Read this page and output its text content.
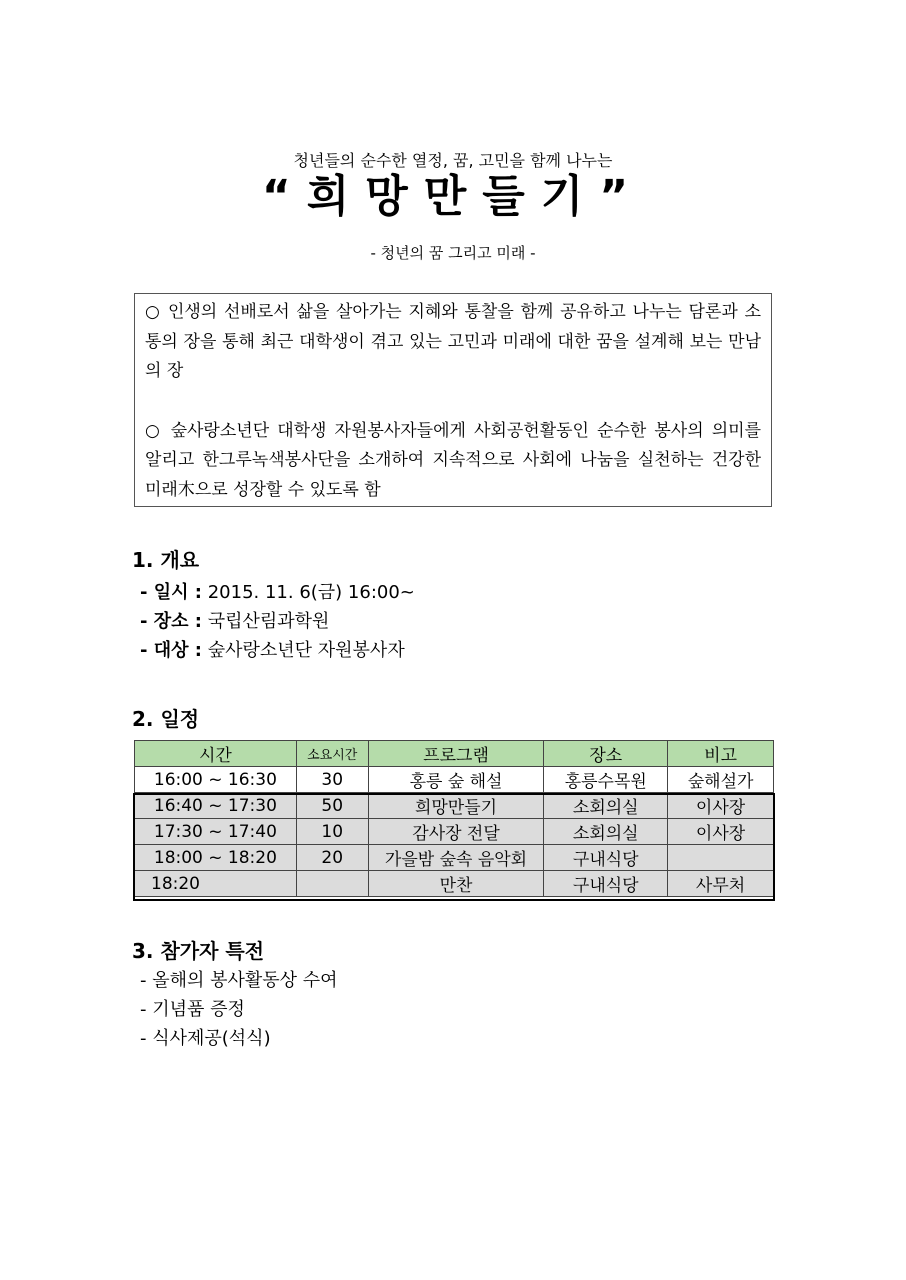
청년들의 순수한 열정, 꿈, 고민을 함께 나누는
“희망만들기”
- 청년의 꿈 그리고 미래 -

○ 인생의 선배로서 삶을 살아가는 지혜와 통찰을 함께 공유하고 나누는 담론과 소통의 장을 통해 최근 대학생이 겪고 있는 고민과 미래에 대한 꿈을 설계해 보는 만남의 장

○ 숲사랑소년단 대학생 자원봉사자들에게 사회공헌활동인 순수한 봉사의 의미를 알리고 한그루녹색봉사단을 소개하여 지속적으로 사회에 나눔을 실천하는 건강한 미래木으로 성장할 수 있도록 함

1. 개요
- 일시 : 2015. 11. 6(금) 16:00~
- 장소 : 국립산림과학원
- 대상 : 숲사랑소년단 자원봉사자
2. 일정
시간	소요시간	프로그램	장소	비고
16:00 ~ 16:30	30	홍릉 숲 해설	홍릉수목원	숲해설가
16:40 ~ 17:30	50	희망만들기	소회의실	이사장
17:30 ~ 17:40	10	감사장 전달	소회의실	이사장
18:00 ~ 18:20	20	가을밤 숲속 음악회	구내식당	
18:20		만찬	구내식당	사무처
3. 참가자 특전
- 올해의 봉사활동상 수여
- 기념품 증정
- 식사제공(석식)
